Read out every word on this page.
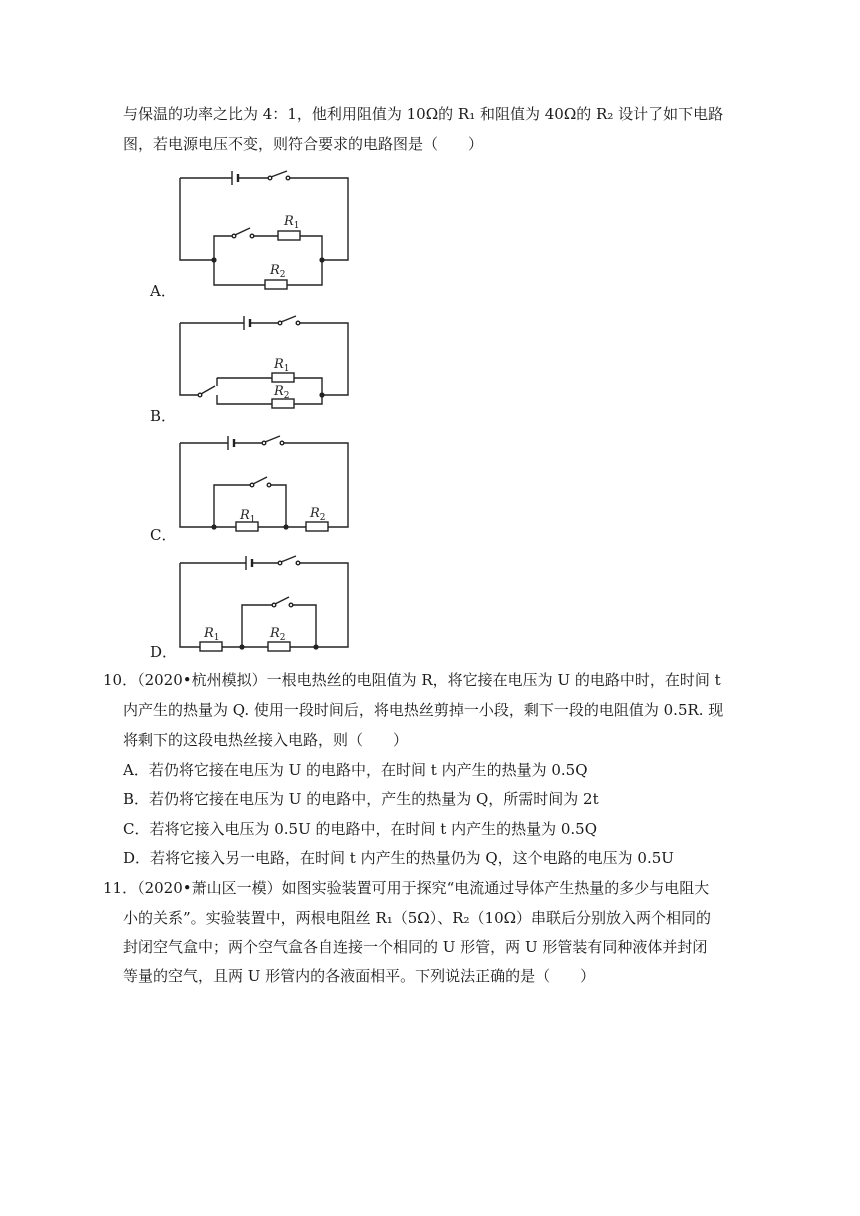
与保温的功率之比为 4：1，他利用阻值为 10Ω的 R₁ 和阻值为 40Ω的 R₂ 设计了如下电路
图，若电源电压不变，则符合要求的电路图是（　　）
$R_1$
$R_2$
A．
$R_1$
$R_2$
B．
$R_1$	$R_2$
C．
$R_1$	$R_2$
D．
10．（2020•杭州模拟）一根电热丝的电阻值为 R，将它接在电压为 U 的电路中时，在时间 t
内产生的热量为 Q. 使用一段时间后，将电热丝剪掉一小段，剩下一段的电阻值为 0.5R. 现
将剩下的这段电热丝接入电路，则（　　）
A．若仍将它接在电压为 U 的电路中，在时间 t 内产生的热量为 0.5Q
B．若仍将它接在电压为 U 的电路中，产生的热量为 Q，所需时间为 2t
C．若将它接入电压为 0.5U 的电路中，在时间 t 内产生的热量为 0.5Q
D．若将它接入另一电路，在时间 t 内产生的热量仍为 Q，这个电路的电压为 0.5U
11．（2020•萧山区一模）如图实验装置可用于探究“电流通过导体产生热量的多少与电阻大
小的关系”。实验装置中，两根电阻丝 R₁（5Ω）、R₂（10Ω）串联后分别放入两个相同的
封闭空气盒中；两个空气盒各自连接一个相同的 U 形管，两 U 形管装有同种液体并封闭
等量的空气，且两 U 形管内的各液面相平。下列说法正确的是（　　）
